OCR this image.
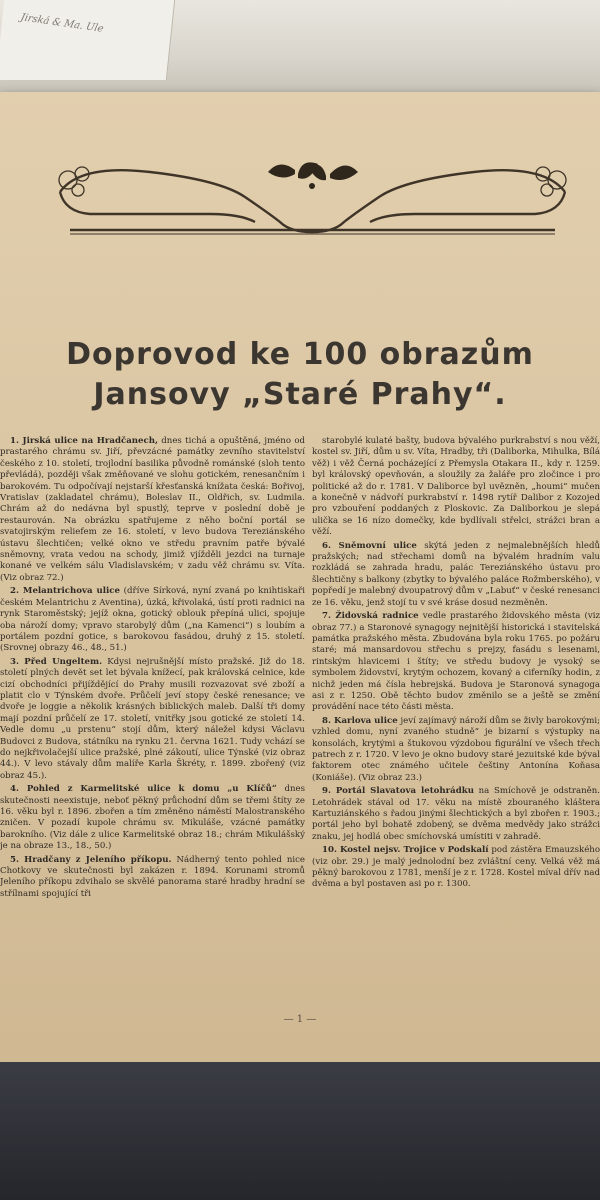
Jirská & Ma. Ule
Doprovod ke 100 obrazům
Jansovy „Staré Prahy“.

1. Jirská ulice na Hradčanech, dnes tichá a opuštěná, jméno od prastarého chrámu sv. Jiří, převzácné památky zevního stavitelství českého z 10. století, trojlodní basilika původně románské (sloh tento převládá), později však změňované ve slohu gotickém, renesančním i barokovém. Tu odpočívají nejstarší křesťanská knížata česká: Bořivoj, Vratislav (zakladatel chrámu), Boleslav II., Oldřich, sv. Ludmila. Chrám až do nedávna byl spustlý, teprve v poslední době je restaurován. Na obrázku spatřujeme z něho boční portál se svatojirským reliefem ze 16. století, v levo budova Tereziánského ústavu šlechtičen; velké okno ve středu pravním patře bývalé sněmovny, vrata vedou na schody, jimiž vjížděli jezdci na turnaje konané ve velkém sálu Vladislavském; v zadu věž chrámu sv. Víta. (Viz obraz 72.)

2. Melantrichova ulice (dříve Sírková, nyní zvaná po knihtiskaři českém Melantrichu z Aventina), úzká, křivolaká, ústí proti radnici na rynk Staroměstský; jejíž okna, gotický oblouk přepíná ulici, spojuje oba nároží domy; vpravo starobylý dům („na Kamenci“) s loubím a portálem pozdní gotice, s barokovou fasádou, druhý z 15. století. (Srovnej obrazy 46., 48., 51.)

3. Před Ungeltem. Kdysi nejrušnější místo pražské. Již do 18. století plných devět set let bývala knížecí, pak královská celnice, kde cizí obchodníci přijíždějící do Prahy musili rozvazovat své zboží a platit clo v Týnském dvoře. Průčelí jeví stopy české renesance; ve dvoře je loggie a několik krásných biblických maleb. Další tři domy mají pozdní průčelí ze 17. století, vnitřky jsou gotické ze století 14. Vedle domu „u prstenu“ stojí dům, který náležel kdysi Václavu Budovci z Budova, státníku na rynku 21. června 1621. Tudy vchází se do nejkřivolačejší ulice pražské, plné zákoutí, ulice Týnské (viz obraz 44.). V levo stávaly dům malíře Karla Škréty, r. 1899. zbořený (viz obraz 45.).

4. Pohled z Karmelitské ulice k domu „u Klíčů“ dnes skutečnosti neexistuje, neboť pěkný průchodní dům se třemi štíty ze 16. věku byl r. 1896. zbořen a tím změněno náměstí Malostranského zničen. V pozadí kupole chrámu sv. Mikuláše, vzácné památky barokního. (Viz dále z ulice Karmelitské obraz 18.; chrám Mikulášský je na obraze 13., 18., 50.)

5. Hradčany z Jeleního příkopu. Nádherný tento pohled nice Chotkovy ve skutečnosti byl zakázen r. 1894. Korunami stromů Jeleního příkopu zdvihalo se skvělé panorama staré hradby hradní se střílnami spojující tři

starobylé kulaté bašty, budova bývalého purkrabství s nou věží, kostel sv. Jiří, dům u sv. Víta, Hradby, tři (Daliborka, Mihulka, Bílá věž) i věž Černá pocházející z Přemysla Otakara II., kdy r. 1259. byl královský opevňován, a sloužily za žaláře pro zločince i pro politické až do r. 1781. V Daliborce byl uvězněn, „houmi“ mučen a konečně v nádvoří purkrabství r. 1498 rytíř Dalibor z Kozojed pro vzbouření poddaných z Ploskovic. Za Daliborkou je slepá ulička se 16 nízo domečky, kde bydlívali střelci, strážci bran a věží.

6. Sněmovní ulice skýtá jeden z nejmalebnějších hledů pražských; nad střechami domů na bývalém hradním valu rozkládá se zahrada hradu, palác Tereziánského ústavu pro šlechtičny s balkony (zbytky to bývalého paláce Rožmberského), v popředí je malebný dvoupatrový dům v „Labuť“ v české renesanci ze 16. věku, jenž stojí tu v své kráse dosud nezměněn.

7. Židovská radnice vedle prastarého židovského města (viz obraz 77.) a Staronové synagogy nejnitější historická i stavitelská památka pražského města. Zbudována byla roku 1765. po požáru staré; má mansardovou střechu s prejzy, fasádu s lesenami, rintským hlavicemi i štíty; ve středu budovy je vysoký se symbolem židovství, krytým ochozem, kovaný a ciferníky hodin, z nichž jeden má čísla hebrejská. Budova je Staronová synagoga asi z r. 1250. Obě těchto budov změnilo se a ještě se změní provádění nace této části města.

8. Karlova ulice jeví zajímavý nároží dům se živly barokovými; vzhled domu, nyní zvaného studně“ je bizarní s výstupky na konsolách, krytými a štukovou výzdobou figurální ve všech třech patrech z r. 1720. V levo je okno budovy staré jezuitské kde býval faktorem otec známého učitele češtiny Antonína Koňasa (Koniáše). (Viz obraz 23.)

9. Portál Slavatova letohrádku na Smíchově je odstraněn. Letohrádek stával od 17. věku na místě zbouraného kláštera Kartuziánského s řadou jinými šlechtických a byl zbořen r. 1903.; portál jeho byl bohatě zdobený, se dvěma medvědy jako strážci znaku, jej hodlá obec smíchovská umístiti v zahradě.

10. Kostel nejsv. Trojice v Podskalí pod zástěra Emauzského (viz obr. 29.) je malý jednolodní bez zvláštní ceny. Velká věž má pěkný barokovou z 1781, menší je z r. 1728. Kostel míval dřív nad dvěma a byl postaven asi po r. 1300.

— 1 —
